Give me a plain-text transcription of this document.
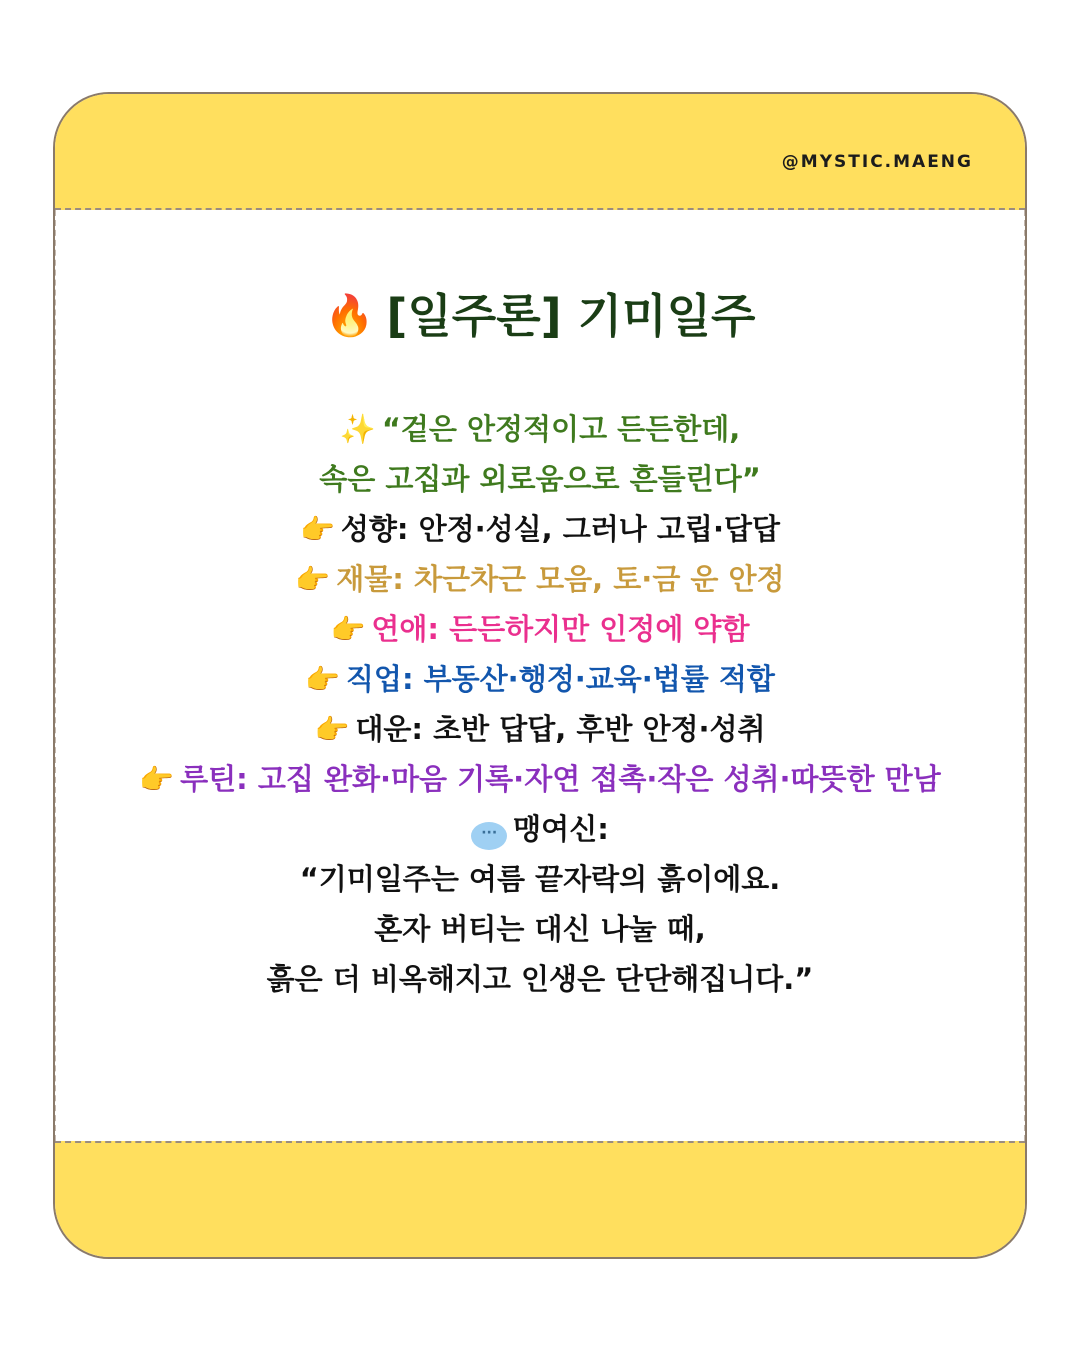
@MYSTIC.MAENG
🔥 [일주론] 기미일주
✨ “겉은 안정적이고 든든한데,
속은 고집과 외로움으로 흔들린다”
👉 성향: 안정·성실, 그러나 고립·답답
👉 재물: 차근차근 모음, 토·금 운 안정
👉 연애: 든든하지만 인정에 약함
👉 직업: 부동산·행정·교육·법률 적합
👉 대운: 초반 답답, 후반 안정·성취
👉 루틴: 고집 완화·마음 기록·자연 접촉·작은 성취·따뜻한 만남
··· 맹여신:
“기미일주는 여름 끝자락의 흙이에요.
혼자 버티는 대신 나눌 때,
흙은 더 비옥해지고 인생은 단단해집니다.”
